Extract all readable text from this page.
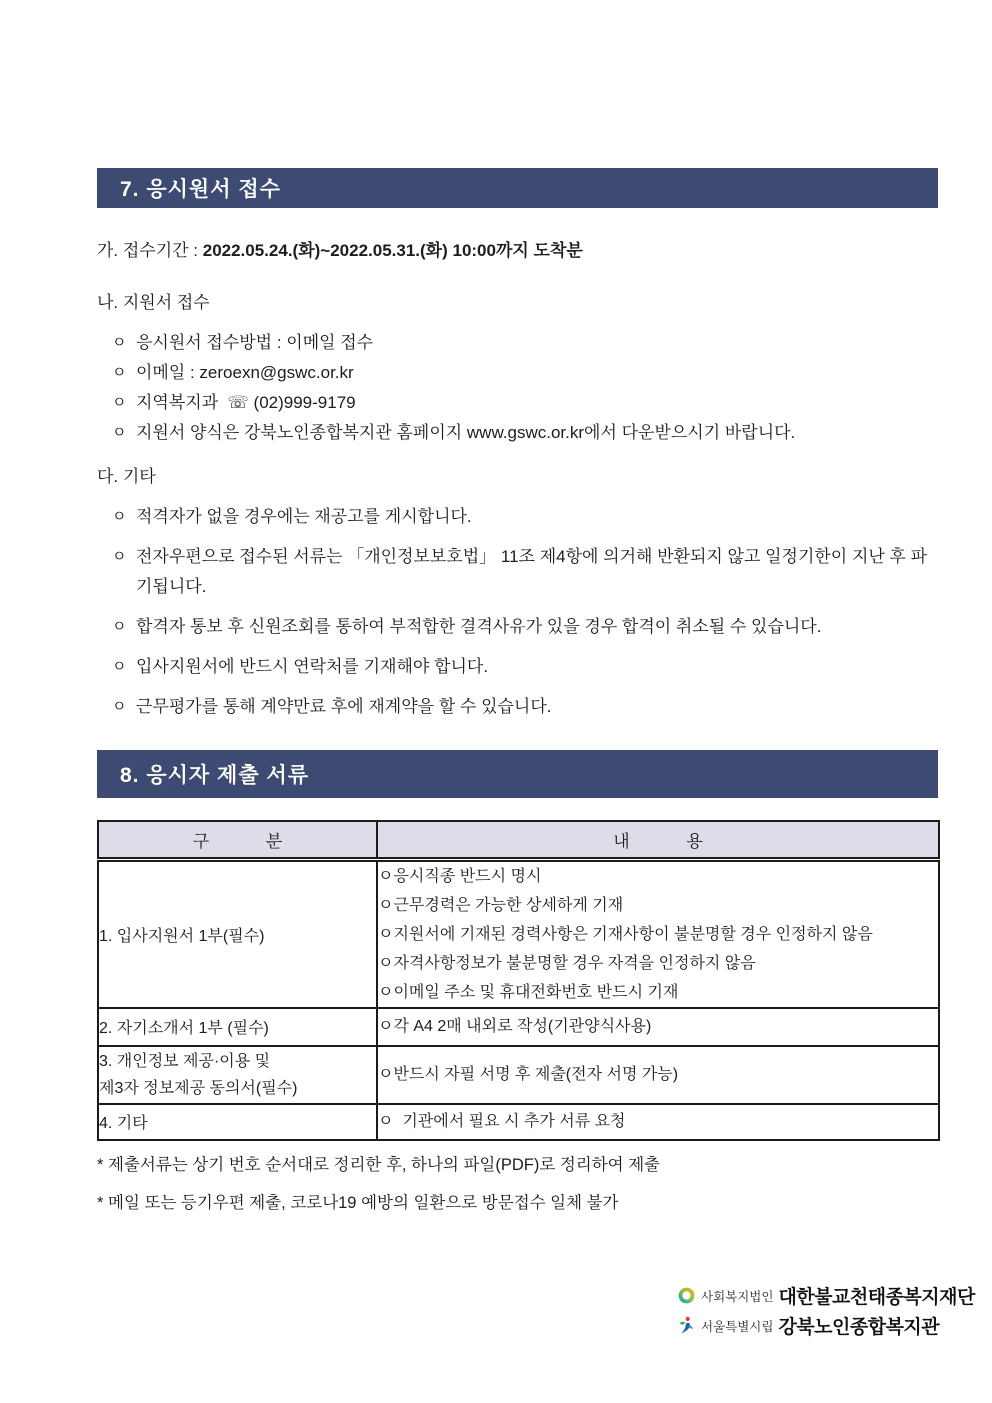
7. 응시원서 접수
가. 접수기간 : 2022.05.24.(화)~2022.05.31.(화) 10:00까지 도착분
나. 지원서 접수
ㅇ 응시원서 접수방법 : 이메일 접수
ㅇ 이메일 : zeroexn@gswc.or.kr
ㅇ 지역복지과  ☏ (02)999-9179
ㅇ 지원서 양식은 강북노인종합복지관 홈페이지 www.gswc.or.kr에서 다운받으시기 바랍니다.
다. 기타
ㅇ 적격자가 없을 경우에는 재공고를 게시합니다.
ㅇ 전자우편으로 접수된 서류는 「개인정보보호법」 11조 제4항에 의거해 반환되지 않고 일정기한이 지난 후 파기됩니다.
ㅇ 합격자 통보 후 신원조회를 통하여 부적합한 결격사유가 있을 경우 합격이 취소될 수 있습니다.
ㅇ 입사지원서에 반드시 연락처를 기재해야 합니다.
ㅇ 근무평가를 통해 계약만료 후에 재계약을 할 수 있습니다.
8. 응시자 제출 서류
구            분	내            용
1. 입사지원서 1부(필수)	ㅇ응시직종 반드시 명시
ㅇ근무경력은 가능한 상세하게 기재
ㅇ지원서에 기재된 경력사항은 기재사항이 불분명할 경우 인정하지 않음
ㅇ자격사항정보가 불분명할 경우 자격을 인정하지 않음
ㅇ이메일 주소 및 휴대전화번호 반드시 기재

2. 자기소개서 1부 (필수)	ㅇ각 A4 2매 내외로 작성(기관양식사용)

3. 개인정보 제공·이용 및
제3자 정보제공 동의서(필수)	ㅇ반드시 자필 서명 후 제출(전자 서명 가능)

4. 기타	ㅇ  기관에서 필요 시 추가 서류 요청
* 제출서류는 상기 번호 순서대로 정리한 후, 하나의 파일(PDF)로 정리하여 제출
* 메일 또는 등기우편 제출, 코로나19 예방의 일환으로 방문접수 일체 불가
사회복지법인 대한불교천태종복지재단
서울특별시립 강북노인종합복지관
